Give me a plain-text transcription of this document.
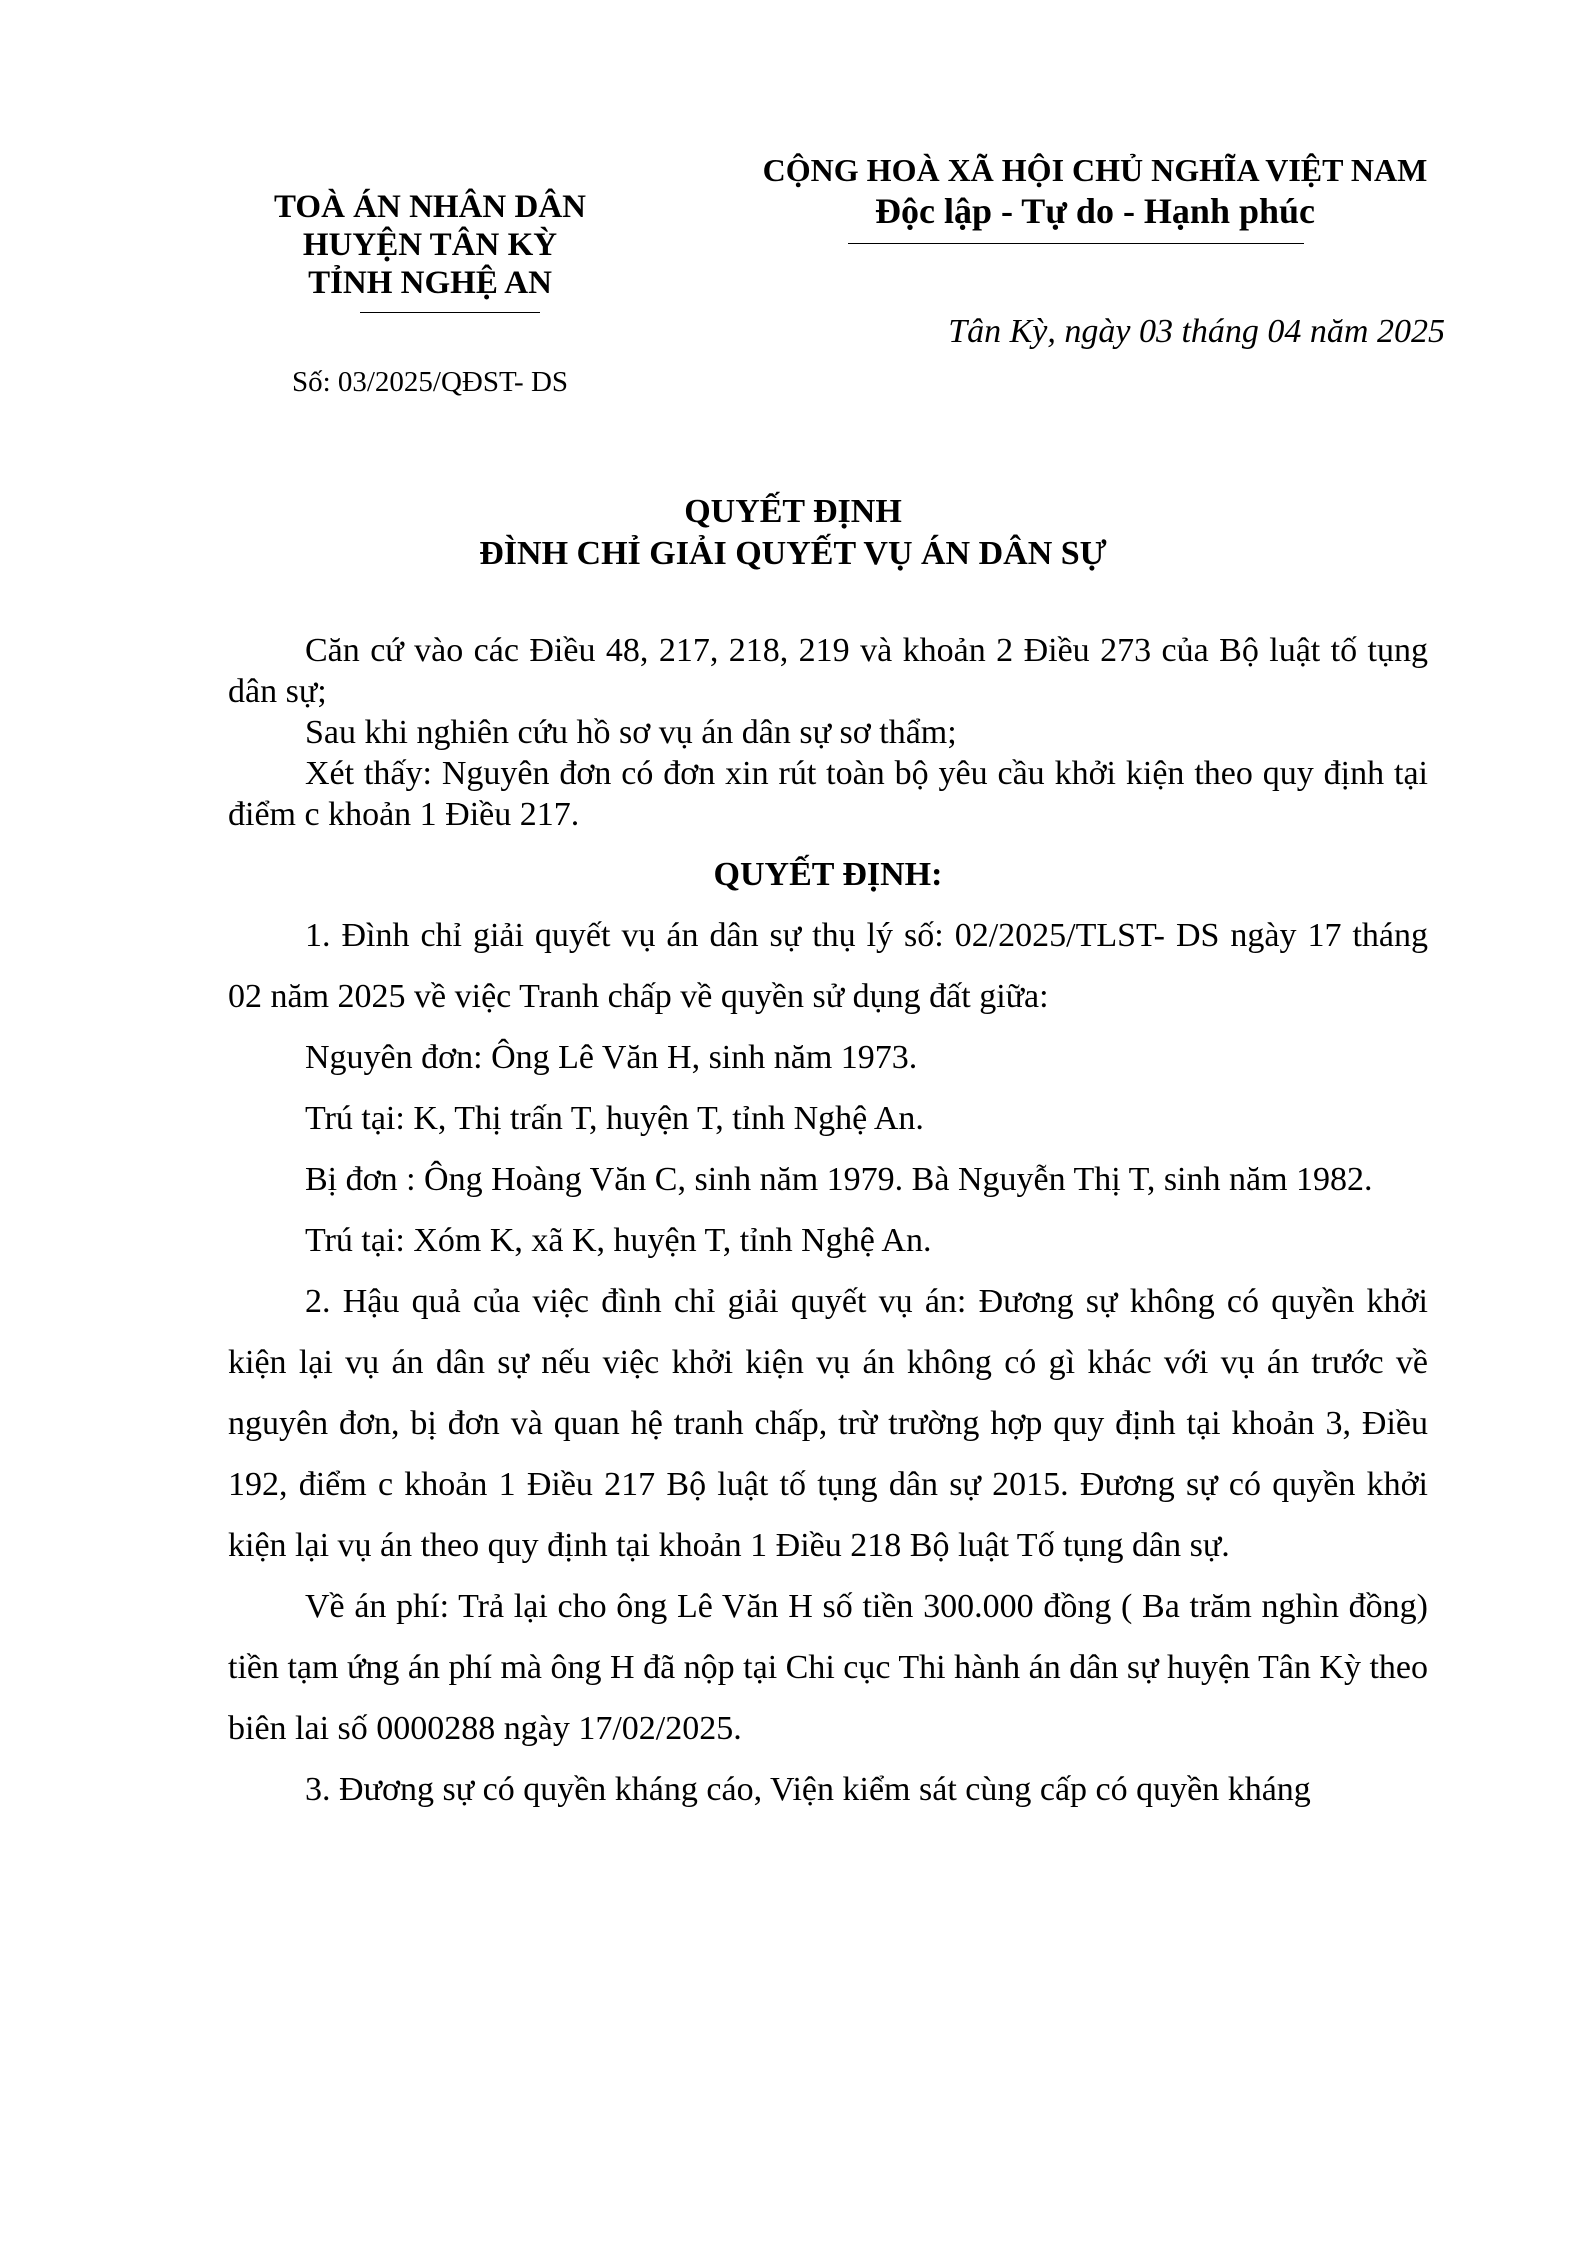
TOÀ ÁN NHÂN DÂN
HUYỆN TÂN KỲ
TỈNH NGHỆ AN
Số: 03/2025/QĐST- DS
CỘNG HOÀ XÃ HỘI CHỦ NGHĨA VIỆT NAM
Độc lập - Tự do - Hạnh phúc
Tân Kỳ, ngày 03 tháng 04 năm 2025
QUYẾT ĐỊNH
ĐÌNH CHỈ GIẢI QUYẾT VỤ ÁN DÂN SỰ

Căn cứ vào các Điều 48, 217, 218, 219 và khoản 2 Điều 273 của Bộ luật tố tụng dân sự;

Sau khi nghiên cứu hồ sơ vụ án dân sự sơ thẩm;

Xét thấy: Nguyên đơn có đơn xin rút toàn bộ yêu cầu khởi kiện theo quy định tại điểm c khoản 1 Điều 217.

QUYẾT ĐỊNH:

1. Đình chỉ giải quyết vụ án dân sự thụ lý số: 02/2025/TLST- DS ngày 17 tháng 02 năm 2025 về việc Tranh chấp về quyền sử dụng đất giữa:

Nguyên đơn: Ông Lê Văn H, sinh năm 1973.

Trú tại: K, Thị trấn T, huyện T, tỉnh Nghệ An.

Bị đơn : Ông Hoàng Văn C, sinh năm 1979. Bà Nguyễn Thị T, sinh năm 1982.

Trú tại: Xóm K, xã K, huyện T, tỉnh Nghệ An.

2. Hậu quả của việc đình chỉ giải quyết vụ án: Đương sự không có quyền khởi kiện lại vụ án dân sự nếu việc khởi kiện vụ án không có gì khác với vụ án trước về nguyên đơn, bị đơn và quan hệ tranh chấp, trừ trường hợp quy định tại khoản 3, Điều 192, điểm c khoản 1 Điều 217 Bộ luật tố tụng dân sự 2015. Đương sự có quyền khởi kiện lại vụ án theo quy định tại khoản 1 Điều 218 Bộ luật Tố tụng dân sự.

Về án phí: Trả lại cho ông Lê Văn H số tiền 300.000 đồng ( Ba trăm nghìn đồng) tiền tạm ứng án phí mà ông H đã nộp tại Chi cục Thi hành án dân sự huyện Tân Kỳ theo biên lai số 0000288 ngày 17/02/2025.

3. Đương sự có quyền kháng cáo, Viện kiểm sát cùng cấp có quyền kháng
